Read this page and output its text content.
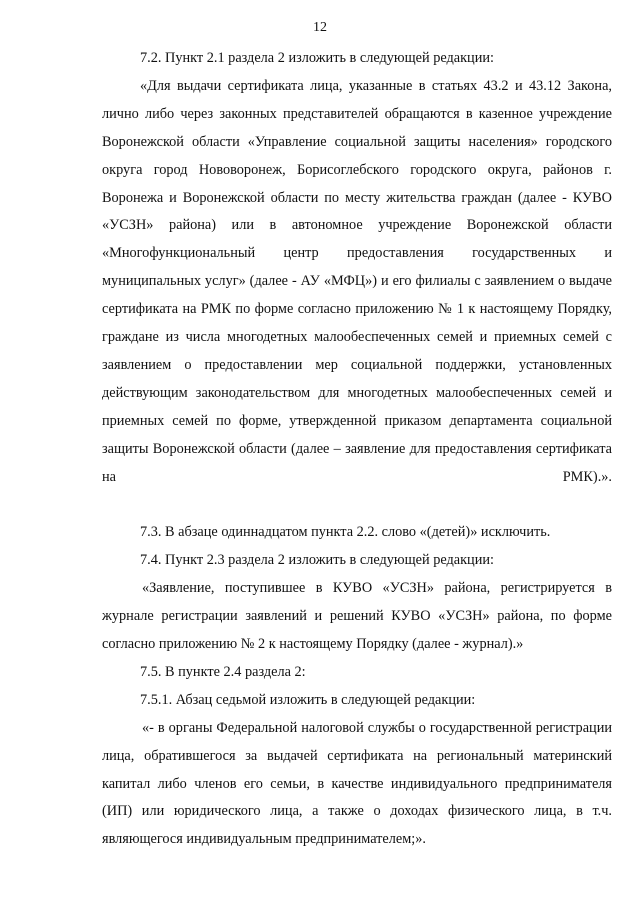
12

7.2. Пункт 2.1 раздела 2 изложить в следующей редакции:

«Для выдачи сертификата лица, указанные в статьях 43.2 и 43.12 Закона, лично либо через законных представителей обращаются в казенное учреждение Воронежской области «Управление социальной защиты населения» городского округа город Нововоронеж, Борисоглебского городского округа, районов г. Воронежа и Воронежской области по месту жительства граждан (далее - КУВО «УСЗН» района) или в автономное учреждение Воронежской области «Многофункциональный центр предоставления государственных и муниципальных услуг» (далее - АУ «МФЦ») и его филиалы с заявлением о выдаче сертификата на РМК по форме согласно приложению № 1 к настоящему Порядку, граждане из числа многодетных малообеспеченных семей и приемных семей с заявлением о предоставлении мер социальной поддержки, установленных действующим законодательством для многодетных малообеспеченных семей и приемных семей по форме, утвержденной приказом департамента социальной защиты Воронежской области (далее – заявление для предоставления сертификата на РМК).».

7.3. В абзаце одиннадцатом пункта 2.2. слово «(детей)» исключить.

7.4. Пункт 2.3 раздела 2 изложить в следующей редакции:

«Заявление, поступившее в КУВО «УСЗН» района, регистрируется в журнале регистрации заявлений и решений КУВО «УСЗН» района, по форме согласно приложению № 2 к настоящему Порядку (далее - журнал).»

7.5. В пункте 2.4 раздела 2:

7.5.1. Абзац седьмой изложить в следующей редакции:

«- в органы Федеральной налоговой службы о государственной регистрации лица, обратившегося за выдачей сертификата на региональный материнский капитал либо членов его семьи, в качестве индивидуального предпринимателя (ИП) или юридического лица, а также о доходах физического лица, в т.ч. являющегося индивидуальным предпринимателем;».
